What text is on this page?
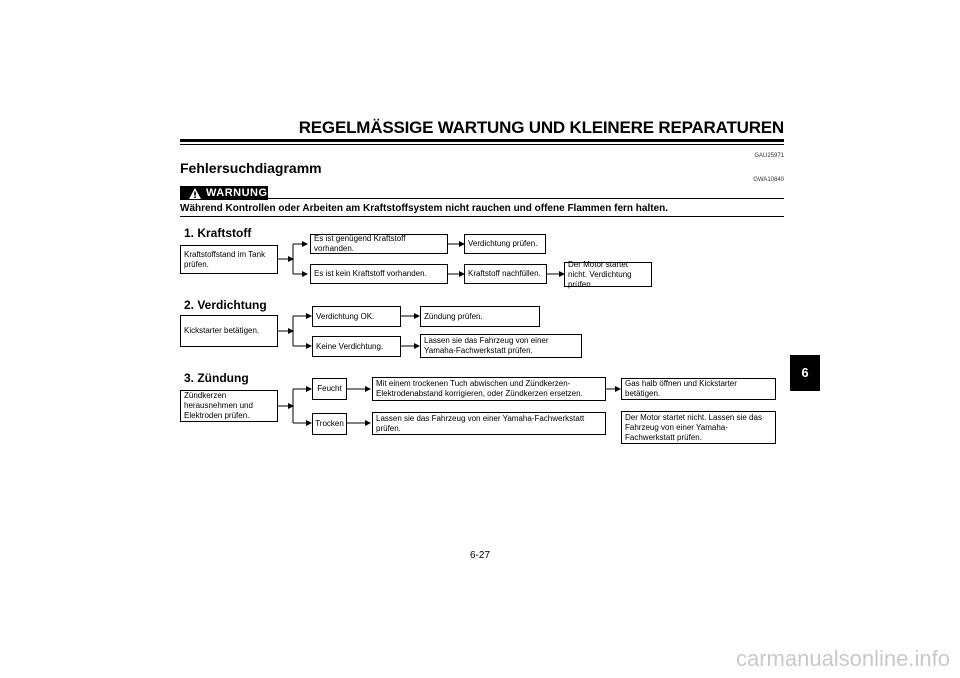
REGELMÄSSIGE WARTUNG UND KLEINERE REPARATUREN
GAU25971
Fehlersuchdiagramm
WARNUNG
GWA10840
Während Kontrollen oder Arbeiten am Kraftstoffsystem nicht rauchen und offene Flammen fern halten.
1. Kraftstoff
Kraftstoffstand im Tank prüfen.
Es ist genügend Kraftstoff vorhanden.
Verdichtung prüfen.
Es ist kein Kraftstoff vorhanden.	Kraftstoff nachfüllen.
Der Motor startet nicht. Verdichtung prüfen.
2. Verdichtung
Kickstarter betätigen.
Verdichtung OK.	Zündung prüfen.
Keine Verdichtung.
Lassen sie das Fahrzeug von einer Yamaha-Fachwerkstatt prüfen.
3. Zündung
Zündkerzen herausnehmen und Elektroden prüfen.
Feucht
Mit einem trockenen Tuch abwischen und Zündkerzen-Elektrodenabstand korrigieren, oder Zündkerzen ersetzen.
Gas halb öffnen und Kickstarter betätigen.
Trocken
Lassen sie das Fahrzeug von einer Yamaha-Fachwerkstatt prüfen.
Der Motor startet nicht. Lassen sie das Fahrzeug von einer Yamaha-Fachwerkstatt prüfen.
6
6-27
carmanualsonline.info
